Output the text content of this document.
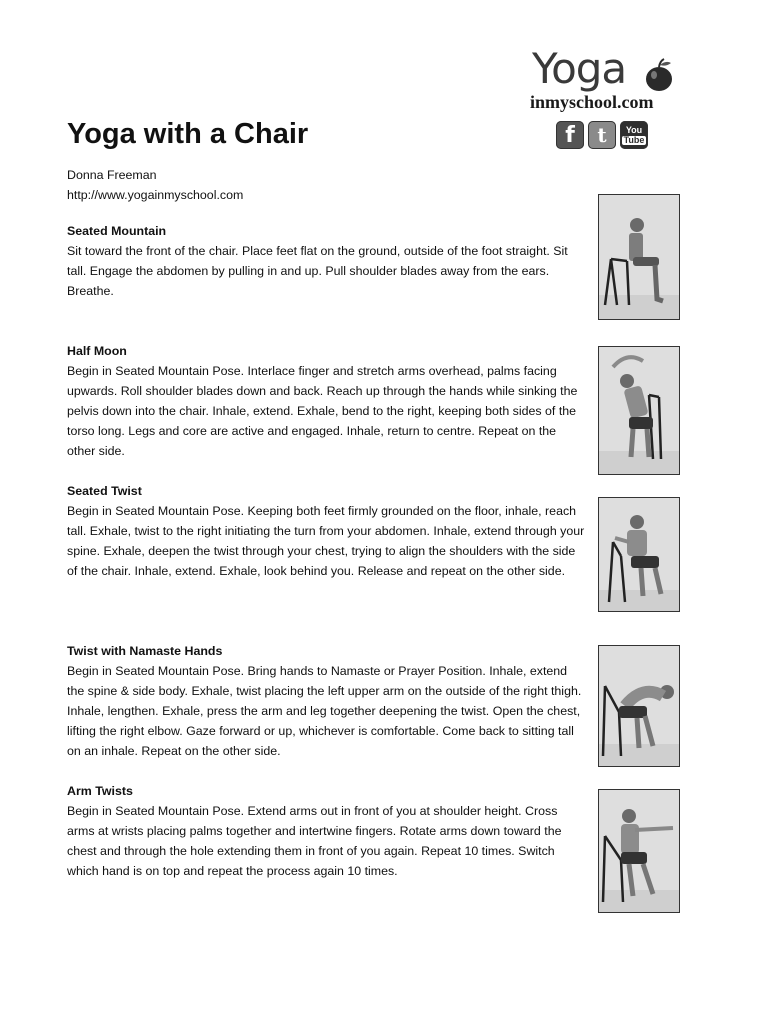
Yoga
inmyschool.com
f	t	You
Tube
Yoga with a Chair
Donna Freeman
http://www.yogainmyschool.com
Seated Mountain

Sit toward the front of the chair. Place feet flat on the ground, outside of the foot straight. Sit tall. Engage the abdomen by pulling in and up. Pull shoulder blades away from the ears. Breathe.

Half Moon

Begin in Seated Mountain Pose. Interlace finger and stretch arms overhead, palms facing upwards. Roll shoulder blades down and back. Reach up through the hands while sinking the pelvis down into the chair. Inhale, extend. Exhale, bend to the right, keeping both sides of the torso long. Legs and core are active and engaged. Inhale, return to centre. Repeat on the other side.

Seated Twist

Begin in Seated Mountain Pose. Keeping both feet firmly grounded on the floor, inhale, reach tall. Exhale, twist to the right initiating the turn from your abdomen. Inhale, extend through your spine. Exhale, deepen the twist through your chest, trying to align the shoulders with the side of the chair. Inhale, extend. Exhale, look behind you. Release and repeat on the other side.

Twist with Namaste Hands

Begin in Seated Mountain Pose. Bring hands to Namaste or Prayer Position. Inhale, extend the spine & side body. Exhale, twist placing the left upper arm on the outside of the right thigh. Inhale, lengthen. Exhale, press the arm and leg together deepening the twist. Open the chest, lifting the right elbow. Gaze forward or up, whichever is comfortable. Come back to sitting tall on an inhale. Repeat on the other side.

Arm Twists

Begin in Seated Mountain Pose. Extend arms out in front of you at shoulder height. Cross arms at wrists placing palms together and intertwine fingers. Rotate arms down toward the chest and through the hole extending them in front of you again. Repeat 10 times. Switch which hand is on top and repeat the process again 10 times.
